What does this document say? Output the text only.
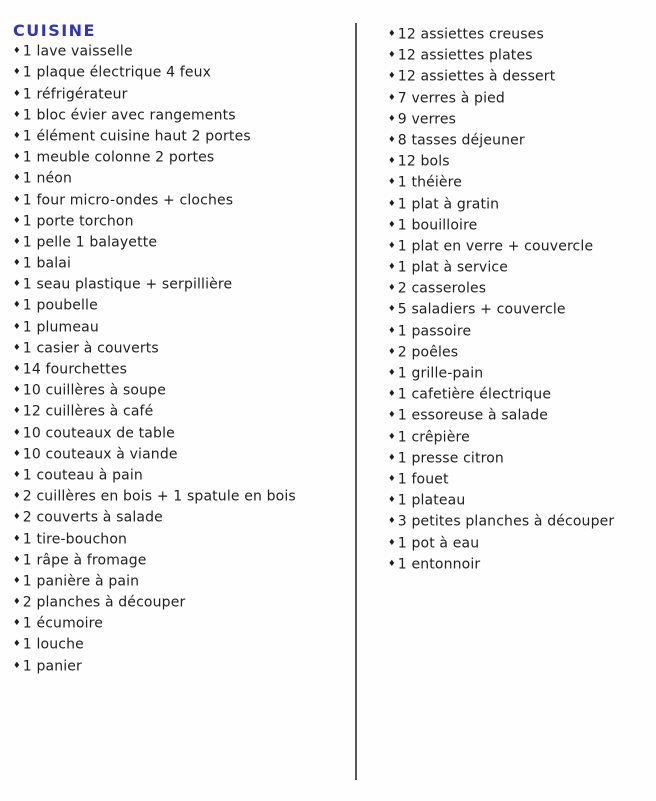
CUISINE
♦ 1 lave vaisselle
♦ 1 plaque électrique 4 feux
♦ 1 réfrigérateur
♦ 1 bloc évier avec rangements
♦ 1 élément cuisine haut 2 portes
♦ 1 meuble colonne 2 portes
♦ 1 néon
♦ 1 four micro-ondes + cloches
♦ 1 porte torchon
♦ 1 pelle 1 balayette
♦ 1 balai
♦ 1 seau plastique + serpillière
♦ 1 poubelle
♦ 1 plumeau
♦ 1 casier à couverts
♦ 14 fourchettes
♦ 10 cuillères à soupe
♦ 12 cuillères à café
♦ 10 couteaux de table
♦ 10 couteaux à viande
♦ 1 couteau à pain
♦ 2 cuillères en bois + 1 spatule en bois
♦ 2 couverts à salade
♦ 1 tire-bouchon
♦ 1 râpe à fromage
♦ 1 panière à pain
♦ 2 planches à découper
♦ 1 écumoire
♦ 1 louche
♦ 1 panier
♦ 12 assiettes creuses
♦ 12 assiettes plates
♦ 12 assiettes à dessert
♦ 7 verres à pied
♦ 9 verres
♦ 8 tasses déjeuner
♦ 12 bols
♦ 1 théière
♦ 1 plat à gratin
♦ 1 bouilloire
♦ 1 plat en verre + couvercle
♦ 1 plat à service
♦ 2 casseroles
♦ 5 saladiers + couvercle
♦ 1 passoire
♦ 2 poêles
♦ 1 grille-pain
♦ 1 cafetière électrique
♦ 1 essoreuse à salade
♦ 1 crêpière
♦ 1 presse citron
♦ 1 fouet
♦ 1 plateau
♦ 3 petites planches à découper
♦ 1 pot à eau
♦ 1 entonnoir
